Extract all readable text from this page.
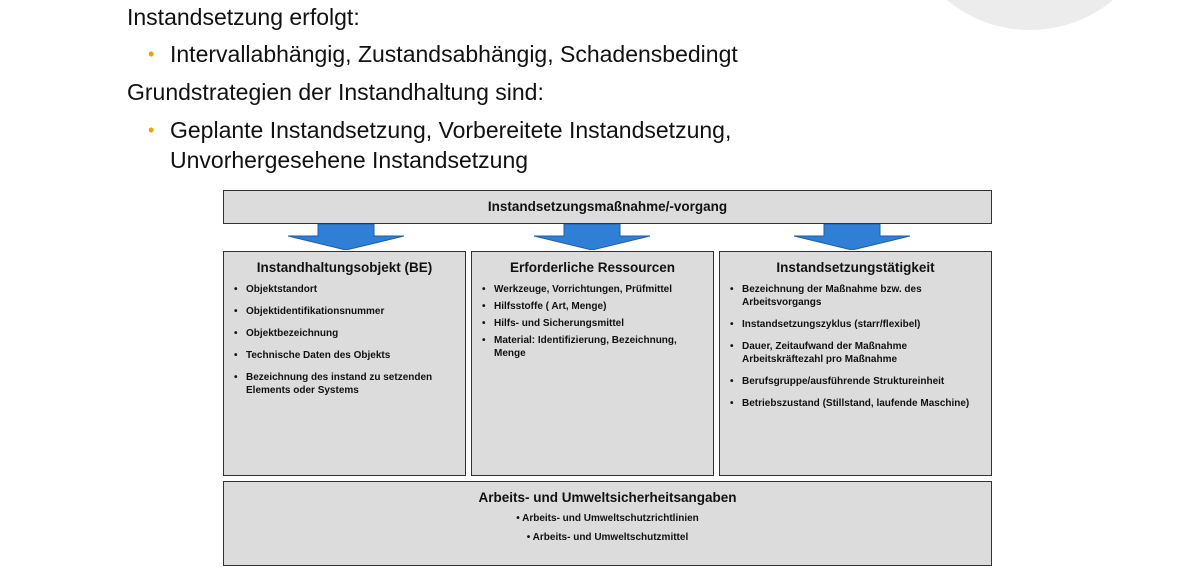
Instandsetzung erfolgt:
• Intervallabhängig, Zustandsabhängig, Schadensbedingt
Grundstrategien der Instandhaltung sind:
• Geplante Instandsetzung, Vorbereitete Instandsetzung,
Unvorhergesehene Instandsetzung
Instandsetzungsmaßnahme/-vorgang
Instandhaltungsobjekt (BE)
• Objektstandort
• Objektidentifikationsnummer
• Objektbezeichnung
• Technische Daten des Objekts
• Bezeichnung des instand zu setzenden Elements oder Systems
Erforderliche Ressourcen
• Werkzeuge, Vorrichtungen, Prüfmittel
• Hilfsstoffe ( Art, Menge)
• Hilfs- und Sicherungsmittel
• Material: Identifizierung, Bezeichnung, Menge
Instandsetzungstätigkeit
• Bezeichnung der Maßnahme bzw. des Arbeitsvorgangs
• Instandsetzungszyklus (starr/flexibel)
• Dauer, Zeitaufwand der Maßnahme Arbeitskräftezahl pro Maßnahme
• Berufsgruppe/ausführende Struktureinheit
• Betriebszustand (Stillstand, laufende Maschine)
Arbeits- und Umweltsicherheitsangaben
• Arbeits- und Umweltschutzrichtlinien
• Arbeits- und Umweltschutzmittel
